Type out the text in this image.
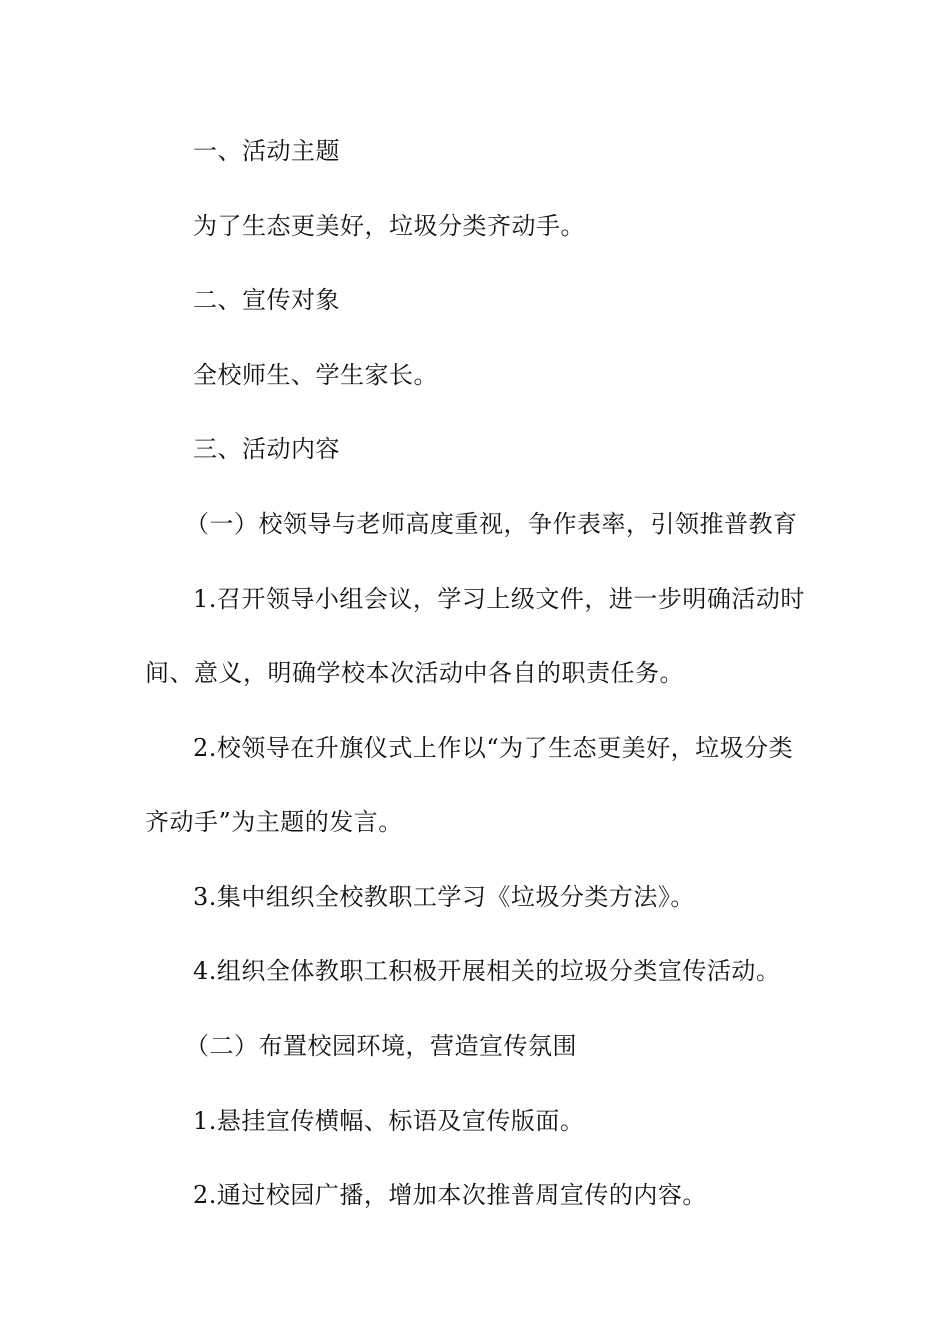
一、活动主题
为了生态更美好，垃圾分类齐动手。
二、宣传对象
全校师生、学生家长。
三、活动内容
（一）校领导与老师高度重视，争作表率，引领推普教育
1.召开领导小组会议，学习上级文件，进一步明确活动时
间、意义，明确学校本次活动中各自的职责任务。
2.校领导在升旗仪式上作以“为了生态更美好，垃圾分类
齐动手”为主题的发言。
3.集中组织全校教职工学习《垃圾分类方法》。
4.组织全体教职工积极开展相关的垃圾分类宣传活动。
（二）布置校园环境，营造宣传氛围
1.悬挂宣传横幅、标语及宣传版面。
2.通过校园广播，增加本次推普周宣传的内容。
